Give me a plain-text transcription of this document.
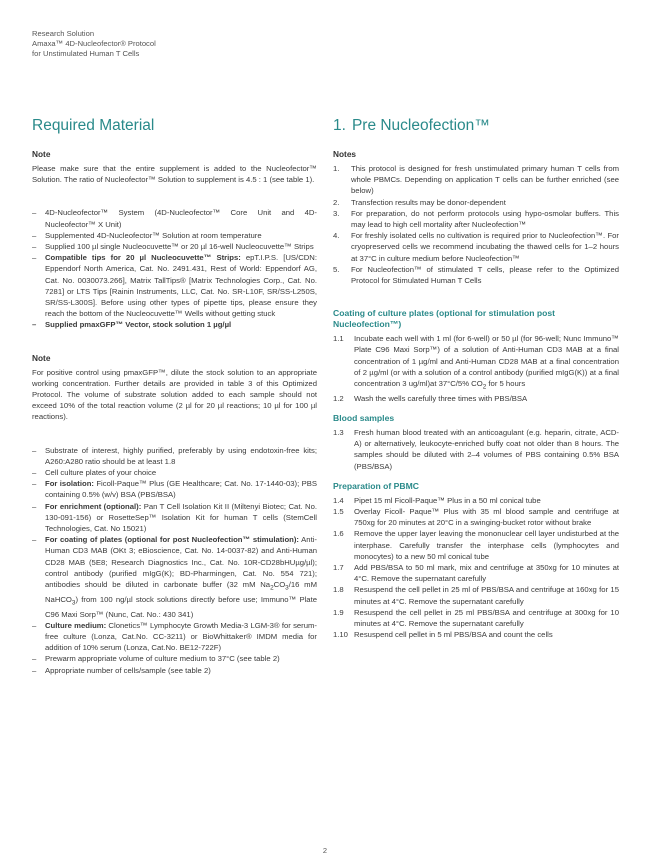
Research Solution
Amaxa™ 4D-Nucleofector® Protocol
for Unstimulated Human T Cells
Required Material
Note

Please make sure that the entire supplement is added to the Nucleofector™ Solution. The ratio of Nucleofector™ Solution to supplement is 4.5 : 1 (see table 1).

– 4D-Nucleofector™ System (4D-Nucleofector™ Core Unit and 4D-Nucleofector™ X Unit)
– Supplemented 4D-Nucleofector™ Solution at room temperature
– Supplied 100 µl single Nucleocuvette™ or 20 µl 16-well Nucleocuvette™ Strips
– Compatible tips for 20 µl Nucleocuvette™ Strips: epT.I.P.S. [US/CDN: Eppendorf North America, Cat. No. 2491.431, Rest of World: Eppendorf AG, Cat. No. 0030073.266], Matrix TallTips® [Matrix Technologies Corp., Cat. No. 7281] or LTS Tips [Rainin Instruments, LLC, Cat. No. SR-L10F, SR/SS-L250S, SR/SS-L300S]. Before using other types of pipette tips, please ensure they reach the bottom of the Nucleocuvette™ Wells without getting stuck
– Supplied pmaxGFP™ Vector, stock solution 1 µg/µl
Note

For positive control using pmaxGFP™, dilute the stock solution to an appropriate working concentration. Further details are provided in table 3 of this Optimized Protocol. The volume of substrate solution added to each sample should not exceed 10% of the total reaction volume (2 µl for 20 µl reactions; 10 µl for 100 µl reactions).

– Substrate of interest, highly purified, preferably by using endotoxin-free kits; A260:A280 ratio should be at least 1.8
– Cell culture plates of your choice
– For isolation: Ficoll-Paque™ Plus (GE Healthcare; Cat. No. 17-1440-03); PBS containing 0.5% (w/v) BSA (PBS/BSA)
– For enrichment (optional): Pan T Cell Isolation Kit II (Miltenyi Biotec; Cat. No. 130-091-156) or RosetteSep™ Isolation Kit for human T cells (StemCell Technologies, Cat. No 15021)
– For coating of plates (optional for post Nucleofection™ stimulation): Anti-Human CD3 MAB (OKt 3; eBioscience, Cat. No. 14-0037-82) and Anti-Human CD28 MAB (5E8; Research Diagnostics Inc., Cat. No. 10R-CD28bHUµg/µl); control antibody (purified mIgG(K); BD-Pharmingen, Cat. No. 554 721); antibodies should be diluted in carbonate buffer (32 mM $Na_2CO_3/16$ mM NaHCO$_3$) from 100 ng/µl stock solutions directly before use; Immuno™ Plate C96 Maxi Sorp™ (Nunc, Cat. No.: 430 341)
– Culture medium: Clonetics™ Lymphocyte Growth Media-3 LGM-3® for serum-free culture (Lonza, Cat.No. CC-3211) or BioWhittaker® IMDM media for addition of 10% serum (Lonza, Cat.No. BE12-722F)
– Prewarm appropriate volume of culture medium to 37°C (see table 2)
– Appropriate number of cells/sample (see table 2)
1. Pre Nucleofection™
Notes
1. This protocol is designed for fresh unstimulated primary human T cells from whole PBMCs. Depending on application T cells can be further enriched (see below)
2. Transfection results may be donor-dependent
3. For preparation, do not perform protocols using hypo-osmolar buffers. This may lead to high cell mortality after Nucleofection™
4. For freshly isolated cells no cultivation is required prior to Nucleofection™. For cryopreserved cells we recommend incubating the thawed cells for 1–2 hours at 37°C in culture medium before Nucleofection™
5. For Nucleofection™ of stimulated T cells, please refer to the Optimized Protocol for Stimulated Human T Cells
Coating of culture plates (optional for stimulation post Nucleofection™)
1.1 Incubate each well with 1 ml (for 6-well) or 50 µl (for 96-well; Nunc Immuno™ Plate C96 Maxi Sorp™) of a solution of Anti-Human CD3 MAB at a final concentration of 1 µg/ml and Anti-Human CD28 MAB at a final concentration of 2 µg/ml (or with a solution of a control antibody (purified mIgG(K)) at a final concentration 3 ug/ml)at 37°C/5% $CO_2$ for 5 hours
1.2 Wash the wells carefully three times with PBS/BSA
Blood samples
1.3 Fresh human blood treated with an anticoagulant (e.g. heparin, citrate, ACD-A) or alternatively, leukocyte-enriched buffy coat not older than 8 hours. The samples should be diluted with 2–4 volumes of PBS containing 0.5% BSA (PBS/BSA)
Preparation of PBMC
1.4 Pipet 15 ml Ficoll-Paque™ Plus in a 50 ml conical tube
1.5 Overlay Ficoll- Paque™ Plus with 35 ml blood sample and centrifuge at 750xg for 20 minutes at 20°C in a swinging-bucket rotor without brake
1.6 Remove the upper layer leaving the mononuclear cell layer undisturbed at the interphase. Carefully transfer the interphase cells (lymphocytes and monocytes) to a new 50 ml conical tube
1.7 Add PBS/BSA to 50 ml mark, mix and centrifuge at 350xg for 10 minutes at 4°C. Remove the supernatant carefully
1.8 Resuspend the cell pellet in 25 ml of PBS/BSA and centrifuge at 160xg for 15 minutes at 4°C. Remove the supernatant carefully
1.9 Resuspend the cell pellet in 25 ml PBS/BSA and centrifuge at 300xg for 10 minutes at 4°C. Remove the supernatant carefully
1.10 Resuspend cell pellet in 5 ml PBS/BSA and count the cells
2
